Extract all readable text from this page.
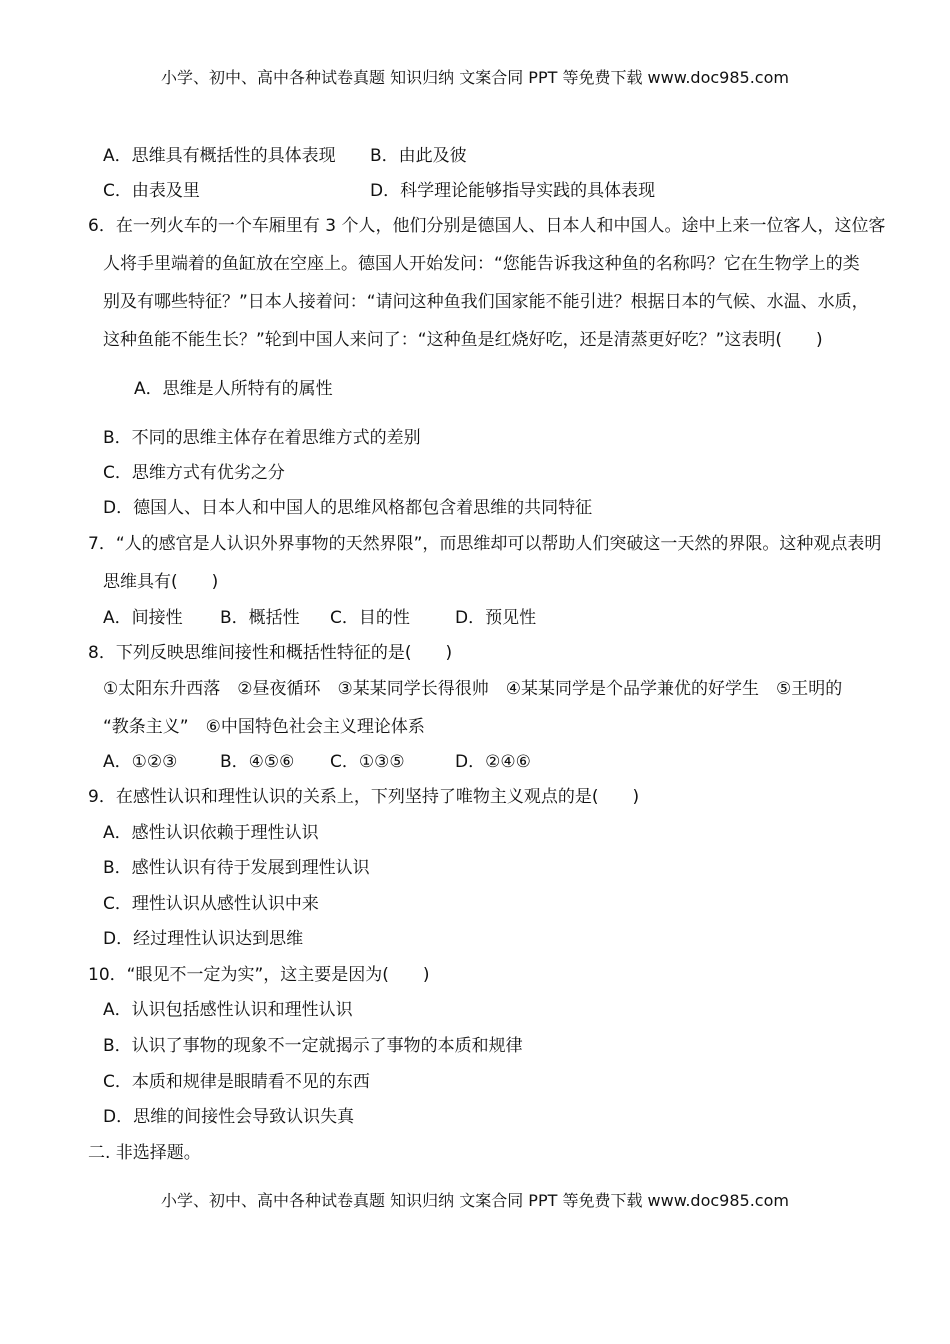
小学、初中、高中各种试卷真题 知识归纳 文案合同 PPT 等免费下载 www.doc985.com
A．思维具有概括性的具体表现 B．由此及彼
C．由表及里	D．科学理论能够指导实践的具体表现
6．在一列火车的一个车厢里有 3 个人，他们分别是德国人、日本人和中国人。途中上来一位客人，这位客
人将手里端着的鱼缸放在空座上。德国人开始发问：“您能告诉我这种鱼的名称吗？它在生物学上的类
别及有哪些特征？”日本人接着问：“请问这种鱼我们国家能不能引进？根据日本的气候、水温、水质，
这种鱼能不能生长？”轮到中国人来问了：“这种鱼是红烧好吃，还是清蒸更好吃？”这表明(　　)
A．思维是人所特有的属性
B．不同的思维主体存在着思维方式的差别
C．思维方式有优劣之分
D．德国人、日本人和中国人的思维风格都包含着思维的共同特征
7．“人的感官是人认识外界事物的天然界限”，而思维却可以帮助人们突破这一天然的界限。这种观点表明
思维具有(　　)
A．间接性 B．概括性 C．目的性	D．预见性
8．下列反映思维间接性和概括性特征的是(　　)
①太阳东升西落　②昼夜循环　③某某同学长得很帅　④某某同学是个品学兼优的好学生　⑤王明的
“教条主义”　⑥中国特色社会主义理论体系
A．①②③	B．④⑤⑥ C．①③⑤	D．②④⑥
9．在感性认识和理性认识的关系上，下列坚持了唯物主义观点的是(　　)
A．感性认识依赖于理性认识
B．感性认识有待于发展到理性认识
C．理性认识从感性认识中来
D．经过理性认识达到思维
10．“眼见不一定为实”，这主要是因为(　　)
A．认识包括感性认识和理性认识
B．认识了事物的现象不一定就揭示了事物的本质和规律
C．本质和规律是眼睛看不见的东西
D．思维的间接性会导致认识失真
二. 非选择题。
小学、初中、高中各种试卷真题 知识归纳 文案合同 PPT 等免费下载 www.doc985.com
